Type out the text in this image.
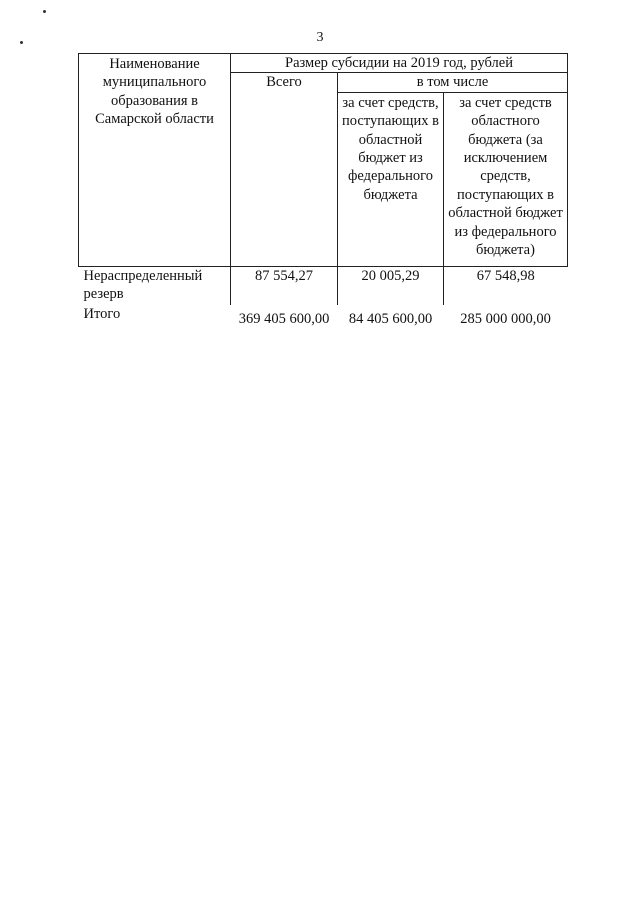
3
Наименование муниципального образования в Самарской области	Размер субсидии на 2019 год, рублей		
	Всего	в том числе	
		за счет средств, поступающих в областной бюджет из федерального бюджета	за счет средств областного бюджета (за исключением средств, поступающих в областной бюджет из федерального бюджета)
Нераспределенный резерв	87 554,27	20 005,29	67 548,98
Итого	369 405 600,00	84 405 600,00	285 000 000,00
